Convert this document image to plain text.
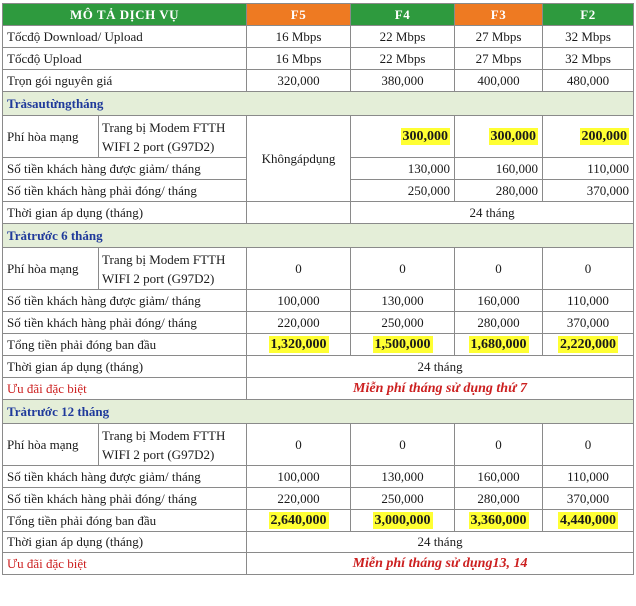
MÔ TẢ DỊCH VỤ		F5	F4	F3	F2
Tốcđộ Download/ Upload		16 Mbps	22 Mbps	27 Mbps	32 Mbps
Tốcđộ Upload		16 Mbps	22 Mbps	27 Mbps	32 Mbps
Trọn gói nguyên giá		320,000	380,000	400,000	480,000
Trảsautừngtháng					
Phí hòa mạng	Trang bị Modem FTTH WIFI 2 port (G97D2)	Khôngápdụng	300,000	300,000	200,000
Số tiền khách hàng được giảm/ tháng			130,000	160,000	110,000
Số tiền khách hàng phải đóng/ tháng			250,000	280,000	370,000
Thời gian áp dụng (tháng)			24 tháng		
Trảtrước 6 tháng					
Phí hòa mạng	Trang bị Modem FTTH WIFI 2 port (G97D2)	0	0	0	0
Số tiền khách hàng được giảm/ tháng		100,000	130,000	160,000	110,000
Số tiền khách hàng phải đóng/ tháng		220,000	250,000	280,000	370,000
Tổng tiền phải đóng ban đầu		1,320,000	1,500,000	1,680,000	2,220,000
Thời gian áp dụng (tháng)		24 tháng			
Ưu đãi đặc biệt		Miễn phí tháng sử dụng thứ 7			
Trảtrước 12 tháng					
Phí hòa mạng	Trang bị Modem FTTH WIFI 2 port (G97D2)	0	0	0	0
Số tiền khách hàng được giảm/ tháng		100,000	130,000	160,000	110,000
Số tiền khách hàng phải đóng/ tháng		220,000	250,000	280,000	370,000
Tổng tiền phải đóng ban đầu		2,640,000	3,000,000	3,360,000	4,440,000
Thời gian áp dụng (tháng)		24 tháng			
Ưu đãi đặc biệt		Miễn phí tháng sử dụng13, 14			
